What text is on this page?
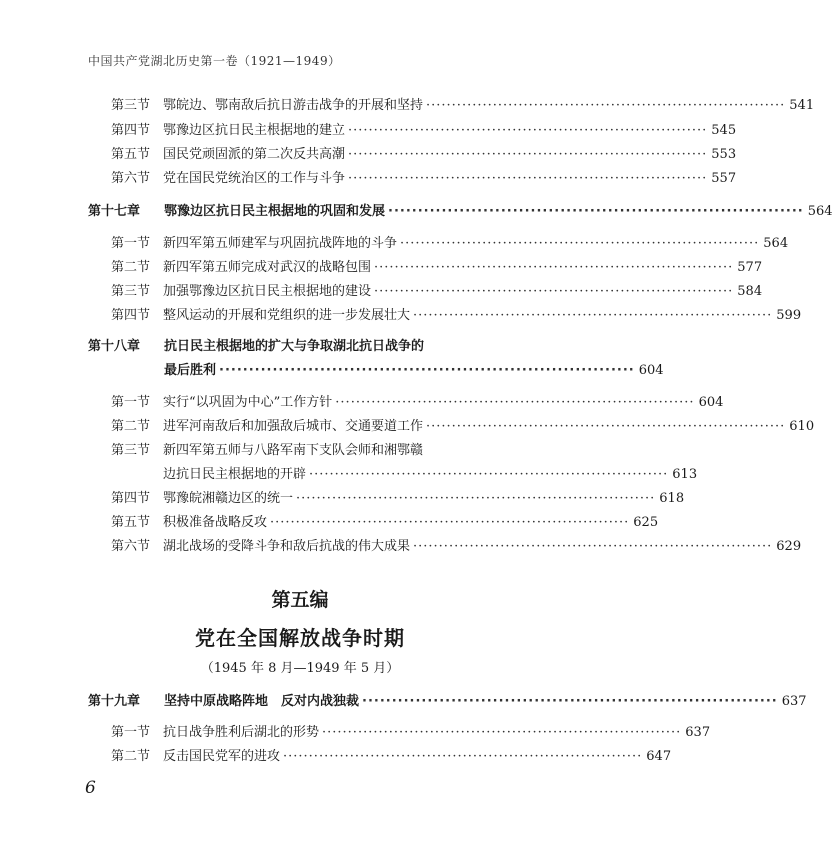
中国共产党湖北历史第一卷（1921—1949）
第三节 鄂皖边、鄂南敌后抗日游击战争的开展和坚持 ······································································ 541
第四节 鄂豫边区抗日民主根据地的建立 ······································································ 545
第五节 国民党顽固派的第二次反共高潮 ······································································ 553
第六节 党在国民党统治区的工作与斗争 ······································································ 557
第十七章	鄂豫边区抗日民主根据地的巩固和发展 ······································································ 564
第一节 新四军第五师建军与巩固抗战阵地的斗争 ······································································ 564
第二节 新四军第五师完成对武汉的战略包围 ······································································ 577
第三节 加强鄂豫边区抗日民主根据地的建设 ······································································ 584
第四节 整风运动的开展和党组织的进一步发展壮大 ······································································ 599
第十八章 抗日民主根据地的扩大与争取湖北抗日战争的
最后胜利 ······································································ 604
第一节 实行“以巩固为中心”工作方针 ······································································ 604
第二节 进军河南敌后和加强敌后城市、交通要道工作 ······································································ 610
第三节 新四军第五师与八路军南下支队会师和湘鄂赣
边抗日民主根据地的开辟 ······································································ 613
第四节 鄂豫皖湘赣边区的统一 ······································································ 618
第五节 积极准备战略反攻 ······································································ 625
第六节 湖北战场的受降斗争和敌后抗战的伟大成果 ······································································ 629
第五编
党在全国解放战争时期
（1945 年 8 月—1949 年 5 月）
第十九章	坚持中原战略阵地　反对内战独裁 ······································································ 637
第一节 抗日战争胜利后湖北的形势 ······································································ 637
第二节 反击国民党军的进攻 ······································································ 647
6
